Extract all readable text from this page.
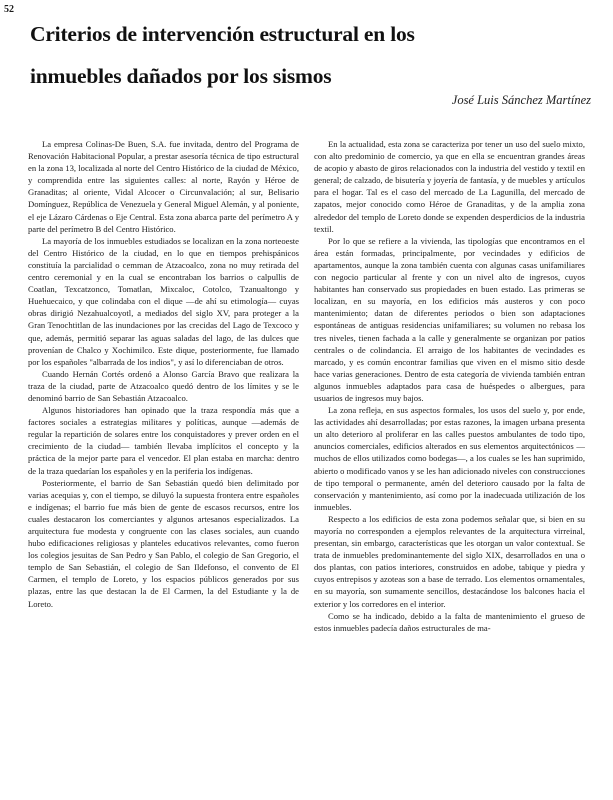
52
Criterios de intervención estructural en los
inmuebles dañados por los sismos
José Luis Sánchez Martínez

La empresa Colinas-De Buen, S.A. fue invitada, dentro del Programa de Renovación Habitacional Popular, a prestar asesoría técnica de tipo estructural en la zona 13, localizada al norte del Centro Histórico de la ciudad de México, y comprendida entre las siguientes calles: al norte, Rayón y Héroe de Granaditas; al oriente, Vidal Alcocer o Circunvalación; al sur, Belisario Domínguez, República de Venezuela y General Miguel Alemán, y al poniente, el eje Lázaro Cárdenas o Eje Central. Esta zona abarca parte del perímetro A y parte del perímetro B del Centro Histórico.

La mayoría de los inmuebles estudiados se localizan en la zona norteoeste del Centro Histórico de la ciudad, en lo que en tiempos prehispánicos constituía la parcialidad o cemman de Atzacoalco, zona no muy retirada del centro ceremonial y en la cual se encontraban los barrios o calpullis de Coatlan, Texcatzonco, Tomatlan, Mixcaloc, Cotolco, Tzanualtongo y Huehuecaico, y que colindaba con el dique —de ahí su etimología— cuyas obras dirigió Nezahualcoyotl, a mediados del siglo XV, para proteger a la Gran Tenochtitlan de las inundaciones por las crecidas del Lago de Texcoco y que, además, permitió separar las aguas saladas del lago, de las dulces que provenían de Chalco y Xochimilco. Este dique, posteriormente, fue llamado por los españoles "albarrada de los indios", y así lo diferenciaban de otros.

Cuando Hernán Cortés ordenó a Alonso García Bravo que realizara la traza de la ciudad, parte de Atzacoalco quedó dentro de los límites y se le denominó barrio de San Sebastián Atzacoalco.

Algunos historiadores han opinado que la traza respondía más que a factores sociales a estrategias militares y políticas, aunque —además de regular la repartición de solares entre los conquistadores y prever orden en el crecimiento de la ciudad— también llevaba implícitos el concepto y la práctica de la mejor parte para el vencedor. El plan estaba en marcha: dentro de la traza quedarían los españoles y en la periferia los indígenas.

Posteriormente, el barrio de San Sebastián quedó bien delimitado por varias acequias y, con el tiempo, se diluyó la supuesta frontera entre españoles e indígenas; el barrio fue más bien de gente de escasos recursos, entre los cuales destacaron los comerciantes y algunos artesanos especializados. La arquitectura fue modesta y congruente con las clases sociales, aun cuando hubo edificaciones religiosas y planteles educativos relevantes, como fueron los colegios jesuitas de San Pedro y San Pablo, el colegio de San Gregorio, el templo de San Sebastián, el colegio de San Ildefonso, el convento de El Carmen, el templo de Loreto, y los espacios públicos generados por sus plazas, entre las que destacan la de El Carmen, la del Estudiante y la de Loreto.

En la actualidad, esta zona se caracteriza por tener un uso del suelo mixto, con alto predominio de comercio, ya que en ella se encuentran grandes áreas de acopio y abasto de giros relacionados con la industria del vestido y textil en general; de calzado, de bisutería y joyería de fantasía, y de muebles y artículos para el hogar. Tal es el caso del mercado de La Lagunilla, del mercado de zapatos, mejor conocido como Héroe de Granaditas, y de la amplia zona alrededor del templo de Loreto donde se expenden desperdicios de la industria textil.

Por lo que se refiere a la vivienda, las tipologías que encontramos en el área están formadas, principalmente, por vecindades y edificios de apartamentos, aunque la zona también cuenta con algunas casas unifamiliares con negocio particular al frente y con un nivel alto de ingresos, cuyos habitantes han conservado sus propiedades en buen estado. Las primeras se localizan, en su mayoría, en los edificios más austeros y con poco mantenimiento; datan de diferentes periodos o bien son adaptaciones espontáneas de antiguas residencias unifamiliares; su volumen no rebasa los tres niveles, tienen fachada a la calle y generalmente se organizan por patios centrales o de colindancia. El arraigo de los habitantes de vecindades es marcado, y es común encontrar familias que viven en el mismo sitio desde hace varias generaciones. Dentro de esta categoría de vivienda también entran algunos inmuebles adaptados para casa de huéspedes o albergues, para usuarios de ingresos muy bajos.

La zona refleja, en sus aspectos formales, los usos del suelo y, por ende, las actividades ahí desarrolladas; por estas razones, la imagen urbana presenta un alto deterioro al proliferar en las calles puestos ambulantes de todo tipo, anuncios comerciales, edificios alterados en sus elementos arquitectónicos —muchos de ellos utilizados como bodegas—, a los cuales se les han suprimido, abierto o modificado vanos y se les han adicionado niveles con construcciones de tipo temporal o permanente, amén del deterioro causado por la falta de conservación y mantenimiento, así como por la inadecuada utilización de los inmuebles.

Respecto a los edificios de esta zona podemos señalar que, si bien en su mayoría no corresponden a ejemplos relevantes de la arquitectura virreinal, presentan, sin embargo, características que les otorgan un valor contextual. Se trata de inmuebles predominantemente del siglo XIX, desarrollados en una o dos plantas, con patios interiores, construidos en adobe, tabique y piedra y cuyos entrepisos y azoteas son a base de terrado. Los elementos ornamentales, en su mayoría, son sumamente sencillos, destacándose los balcones hacia el exterior y los corredores en el interior.

Como se ha indicado, debido a la falta de mantenimiento el grueso de estos inmuebles padecía daños estructurales de ma-
